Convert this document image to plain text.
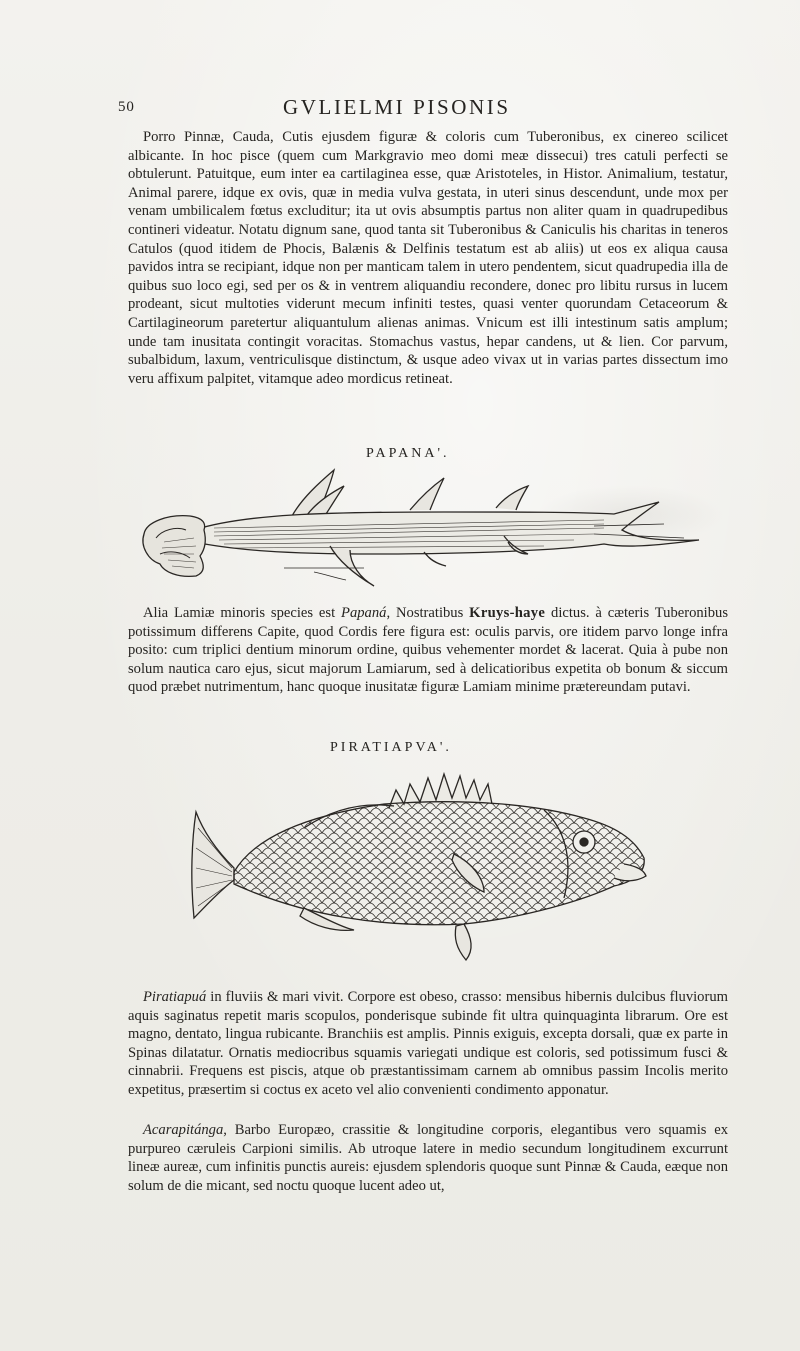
50	GVLIELMI PISONIS

Porro Pinnæ, Cauda, Cutis ejusdem figuræ & coloris cum Tuberonibus, ex cinereo scilicet albicante. In hoc pisce (quem cum Markgravio meo domi meæ dissecui) tres catuli perfecti se obtulerunt. Patuitque, eum inter ea cartilaginea esse, quæ Aristoteles, in Histor. Animalium, testatur, Animal parere, idque ex ovis, quæ in media vulva gestata, in uteri sinus descendunt, unde mox per venam umbilicalem fœtus excluditur; ita ut ovis absumptis partus non aliter quam in quadrupedibus contineri videatur. Notatu dignum sane, quod tanta sit Tuberonibus & Caniculis his charitas in teneros Catulos (quod itidem de Phocis, Balænis & Delfinis testatum est ab aliis) ut eos ex aliqua causa pavidos intra se recipiant, idque non per manticam talem in utero pendentem, sicut quadrupedia illa de quibus suo loco egi, sed per os & in ventrem aliquandiu recondere, donec pro libitu rursus in lucem prodeant, sicut multoties viderunt mecum infiniti testes, quasi venter quorundam Cetaceorum & Cartilagineorum paretertur aliquantulum alienas animas. Vnicum est illi intestinum satis amplum; unde tam inusitata contingit voracitas. Stomachus vastus, hepar candens, ut & lien. Cor parvum, subalbidum, laxum, ventriculisque distinctum, & usque adeo vivax ut in varias partes dissectum imo veru affixum palpitet, vitamque adeo mordicus retineat.

PAPANA'.

Alia Lamiæ minoris species est Papaná, Nostratibus Kruys-haye dictus. à cæteris Tuberonibus potissimum differens Capite, quod Cordis fere figura est: oculis parvis, ore itidem parvo longe infra posito: cum triplici dentium minorum ordine, quibus vehementer mordet & lacerat. Quia à pube non solum nautica caro ejus, sicut majorum Lamiarum, sed à delicatioribus expetita ob bonum & siccum quod præbet nutrimentum, hanc quoque inusitatæ figuræ Lamiam minime prætereundam putavi.

PIRATIAPVA'.

Piratiapuá in fluviis & mari vivit. Corpore est obeso, crasso: mensibus hibernis dulcibus fluviorum aquis saginatus repetit maris scopulos, ponderisque subinde fit ultra quinquaginta librarum. Ore est magno, dentato, lingua rubicante. Branchiis est amplis. Pinnis exiguis, excepta dorsali, quæ ex parte in Spinas dilatatur. Ornatis mediocribus squamis variegati undique est coloris, sed potissimum fusci & cinnabrii. Frequens est piscis, atque ob præstantissimam carnem ab omnibus passim Incolis merito expetitus, præsertim si coctus ex aceto vel alio convenienti condimento apponatur.

Acarapitánga, Barbo Europæo, crassitie & longitudine corporis, elegantibus vero squamis ex purpureo cæruleis Carpioni similis. Ab utroque latere in medio secundum longitudinem excurrunt lineæ aureæ, cum infinitis punctis aureis: ejusdem splendoris quoque sunt Pinnæ & Cauda, eæque non solum de die micant, sed noctu quoque lucent adeo ut,
